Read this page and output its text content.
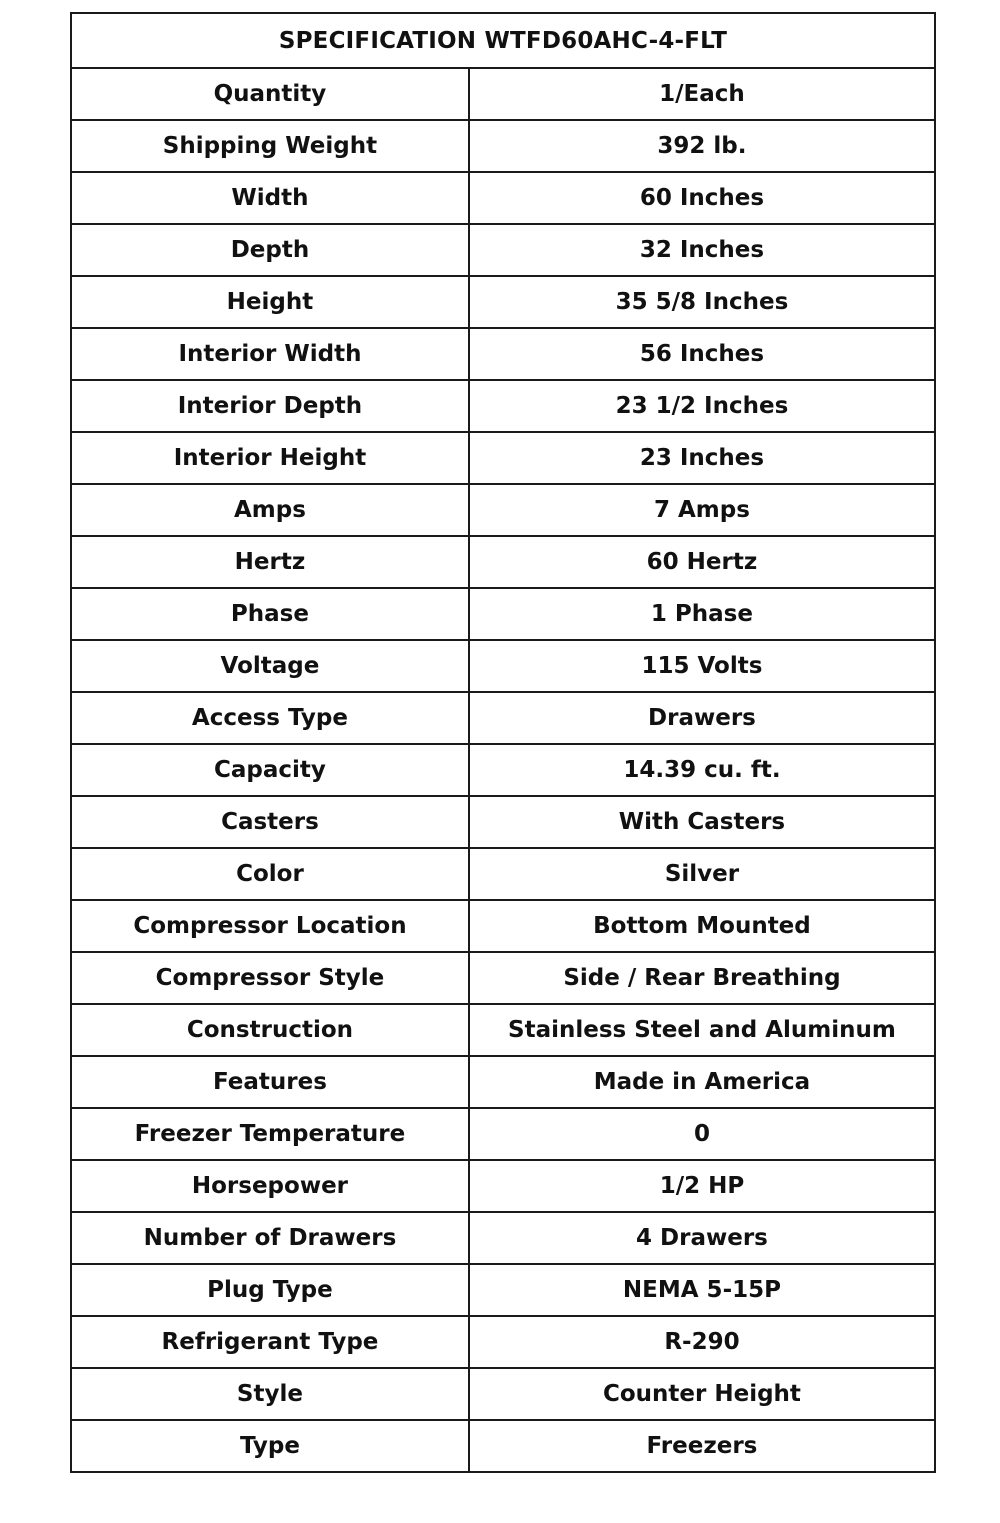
SPECIFICATION WTFD60AHC-4-FLT	
Quantity	1/Each
Shipping Weight	392 lb.
Width	60 Inches
Depth	32 Inches
Height	35 5/8 Inches
Interior Width	56 Inches
Interior Depth	23 1/2 Inches
Interior Height	23 Inches
Amps	7 Amps
Hertz	60 Hertz
Phase	1 Phase
Voltage	115 Volts
Access Type	Drawers
Capacity	14.39 cu. ft.
Casters	With Casters
Color	Silver
Compressor Location	Bottom Mounted
Compressor Style	Side / Rear Breathing
Construction	Stainless Steel and Aluminum
Features	Made in America
Freezer Temperature	0
Horsepower	1/2 HP
Number of Drawers	4 Drawers
Plug Type	NEMA 5-15P
Refrigerant Type	R-290
Style	Counter Height
Type	Freezers
